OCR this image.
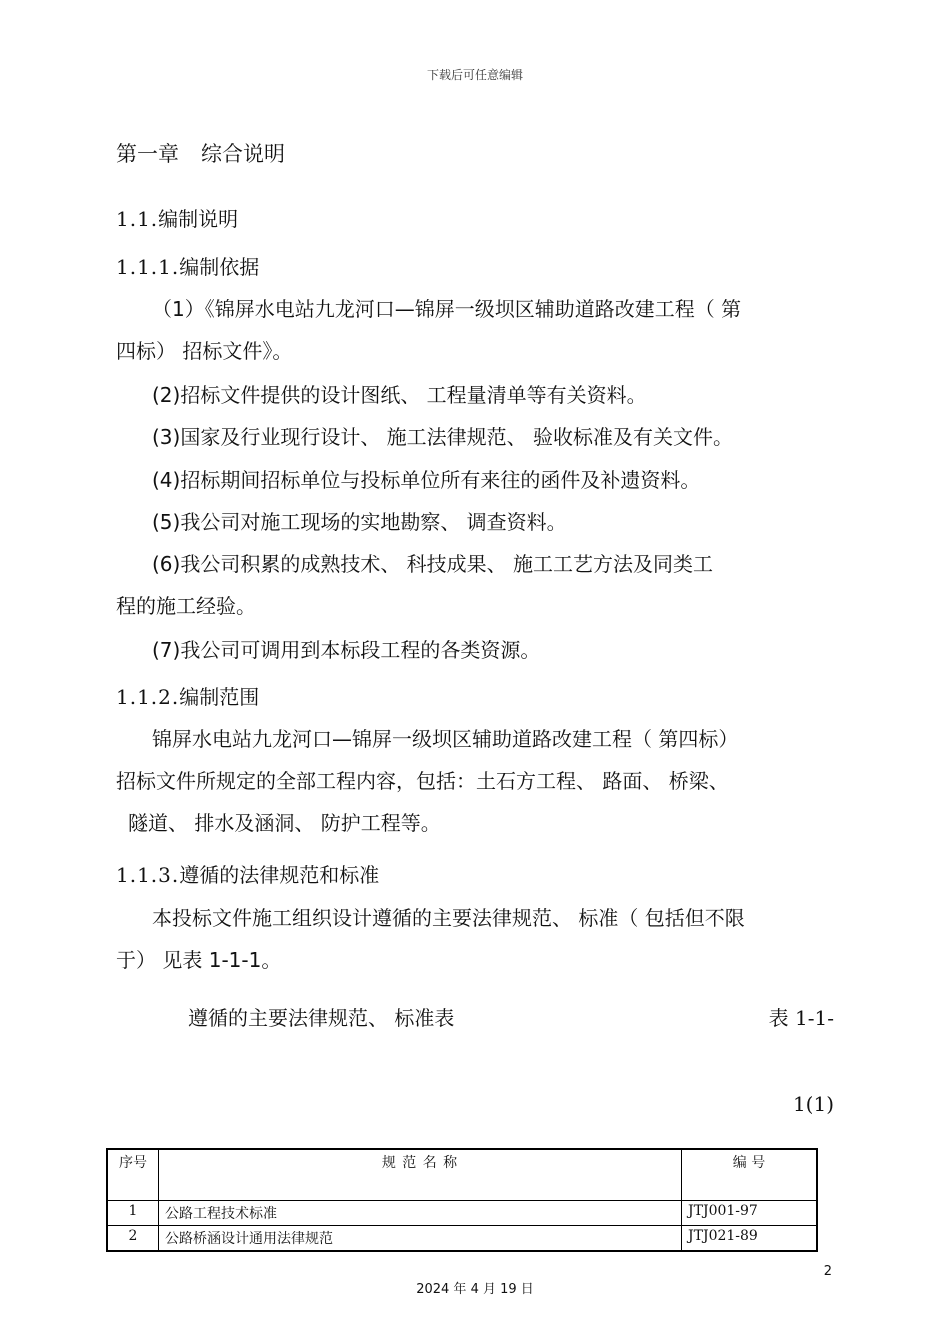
下载后可任意编辑
第一章 综合说明
1.1.编制说明
1.1.1.编制依据
（1）《锦屏水电站九龙河口—锦屏一级坝区辅助道路改建工程（ 第
四标） 招标文件》。
(2)招标文件提供的设计图纸、 工程量清单等有关资料。
(3)国家及行业现行设计、 施工法律规范、 验收标准及有关文件。
(4)招标期间招标单位与投标单位所有来往的函件及补遗资料。
(5)我公司对施工现场的实地勘察、 调查资料。
(6)我公司积累的成熟技术、 科技成果、 施工工艺方法及同类工
程的施工经验。
(7)我公司可调用到本标段工程的各类资源。
1.1.2.编制范围
锦屏水电站九龙河口—锦屏一级坝区辅助道路改建工程（ 第四标）
招标文件所规定的全部工程内容，包括：土石方工程、 路面、 桥梁、
隧道、 排水及涵洞、 防护工程等。
1.1.3.遵循的法律规范和标准
本投标文件施工组织设计遵循的主要法律规范、 标准（ 包括但不限
于） 见表 1-1-1。
遵循的主要法律规范、 标准表	表 1-1-
1(1)
序号	规 范 名 称	编 号
1	公路工程技术标准	JTJ001-97
2	公路桥涵设计通用法律规范	JTJ021-89
2
2024 年 4 月 19 日
